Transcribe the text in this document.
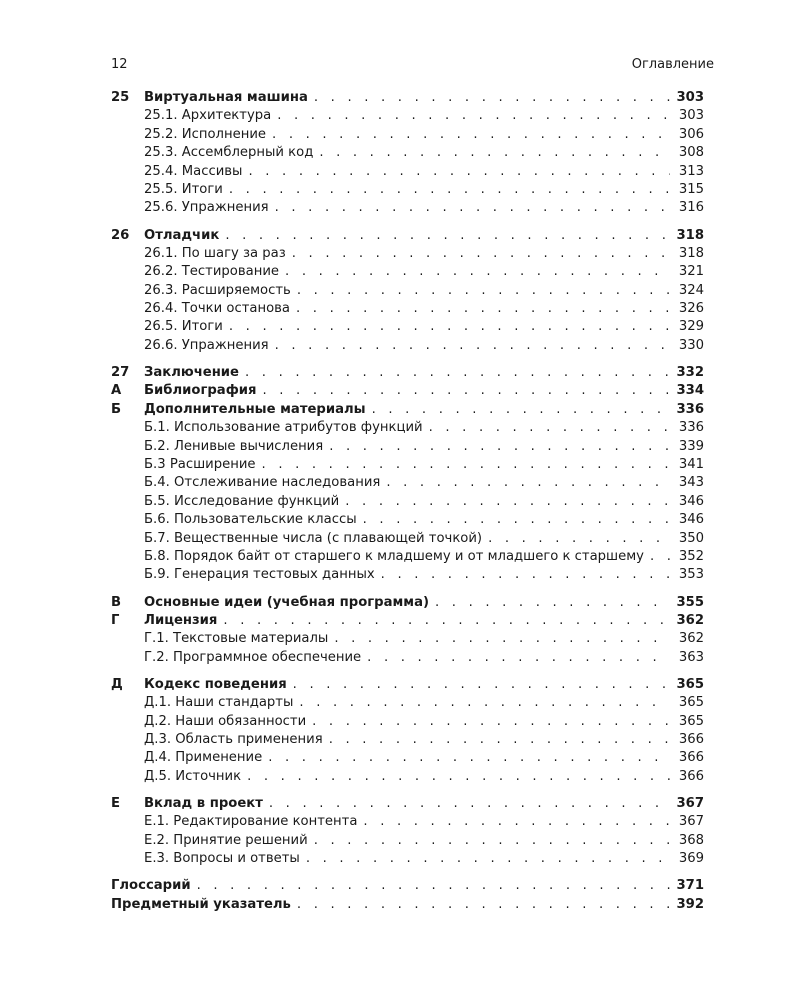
12	Оглавление
25 Виртуальная машина . . .	303
25.1. Архитектура . . .	303
25.2. Исполнение . . .	306
25.3. Ассемблерный код . . .	308
25.4. Массивы . . .	313
25.5. Итоги . . .	315
25.6. Упражнения . . .	316
26 Отладчик . . .	318
26.1. По шагу за раз . . .	318
26.2. Тестирование . . .	321
26.3. Расширяемость . . .	324
26.4. Точки останова . . .	326
26.5. Итоги . . .	329
26.6. Упражнения . . .	330
27 Заключение . . .	332
А Библиография . . .	334
Б Дополнительные материалы . . .	336
Б.1. Использование атрибутов функций . . .	336
Б.2. Ленивые вычисления . . .	339
Б.3 Расширение . . .	341
Б.4. Отслеживание наследования . . .	343
Б.5. Исследование функций . . .	346
Б.6. Пользовательские классы . . .	346
Б.7. Вещественные числа (с плавающей точкой) . . .	350
Б.8. Порядок байт от старшего к младшему и от младшего к старшему . . .	352
Б.9. Генерация тестовых данных . . .	353
В Основные идеи (учебная программа) . . .	355
Г Лицензия . . .	362
Г.1. Текстовые материалы . . .	362
Г.2. Программное обеспечение . . .	363
Д Кодекс поведения . . .	365
Д.1. Наши стандарты . . .	365
Д.2. Наши обязанности . . .	365
Д.3. Область применения . . .	366
Д.4. Применение . . .	366
Д.5. Источник . . .	366
Е Вклад в проект . . .	367
Е.1. Редактирование контента . . .	367
Е.2. Принятие решений . . .	368
Е.3. Вопросы и ответы . . .	369
Глоссарий . . .	371
Предметный указатель . . .	392
